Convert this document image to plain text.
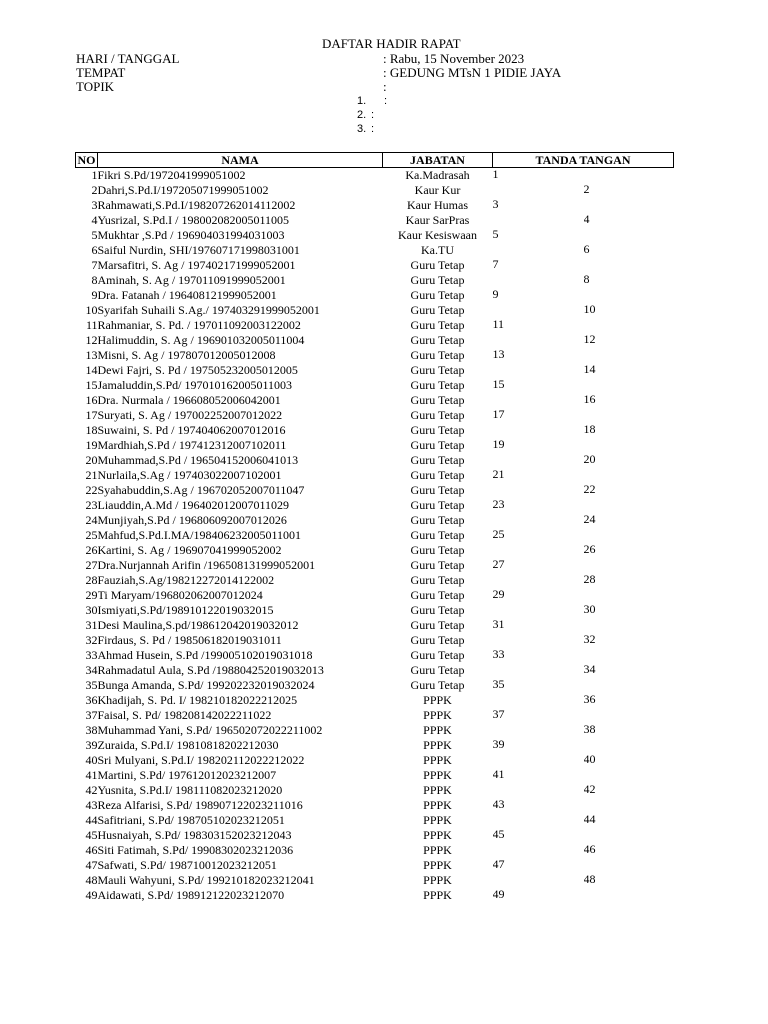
DAFTAR HADIR RAPAT
HARI / TANGGAL	: Rabu, 15 November 2023
TEMPAT	: GEDUNG MTsN 1 PIDIE JAYA
TOPIK	:
1. :
2. :
3. :
NO	NAMA	JABATAN	TANDA TANGAN	
1	Fikri S.Pd/1972041999051002	Ka.Madrasah	1	
2	Dahri,S.Pd.I/197205071999051002	Kaur Kur		2
3	Rahmawati,S.Pd.I/198207262014112002	Kaur Humas	3	
4	Yusrizal, S.Pd.I / 198002082005011005	Kaur SarPras		4
5	Mukhtar ,S.Pd / 196904031994031003	Kaur Kesiswaan	5	
6	Saiful Nurdin, SHI/197607171998031001	Ka.TU		6
7	Marsafitri, S. Ag / 197402171999052001	Guru Tetap	7	
8	Aminah, S. Ag / 197011091999052001	Guru Tetap		8
9	Dra. Fatanah / 196408121999052001	Guru Tetap	9	
10	Syarifah Suhaili S.Ag./ 197403291999052001	Guru Tetap		10
11	Rahmaniar, S. Pd. / 197011092003122002	Guru Tetap	11	
12	Halimuddin, S. Ag / 196901032005011004	Guru Tetap		12
13	Misni, S. Ag / 197807012005012008	Guru Tetap	13	
14	Dewi Fajri, S. Pd / 197505232005012005	Guru Tetap		14
15	Jamaluddin,S.Pd/ 197010162005011003	Guru Tetap	15	
16	Dra. Nurmala / 196608052006042001	Guru Tetap		16
17	Suryati, S. Ag / 197002252007012022	Guru Tetap	17	
18	Suwaini, S. Pd / 197404062007012016	Guru Tetap		18
19	Mardhiah,S.Pd / 197412312007102011	Guru Tetap	19	
20	Muhammad,S.Pd / 196504152006041013	Guru Tetap		20
21	Nurlaila,S.Ag / 197403022007102001	Guru Tetap	21	
22	Syahabuddin,S.Ag / 196702052007011047	Guru Tetap		22
23	Liauddin,A.Md / 196402012007011029	Guru Tetap	23	
24	Munjiyah,S.Pd / 196806092007012026	Guru Tetap		24
25	Mahfud,S.Pd.I.MA/198406232005011001	Guru Tetap	25	
26	Kartini, S. Ag / 196907041999052002	Guru Tetap		26
27	Dra.Nurjannah Arifin /196508131999052001	Guru Tetap	27	
28	Fauziah,S.Ag/198212272014122002	Guru Tetap		28
29	Ti Maryam/196802062007012024	Guru Tetap	29	
30	Ismiyati,S.Pd/198910122019032015	Guru Tetap		30
31	Desi Maulina,S.pd/198612042019032012	Guru Tetap	31	
32	Firdaus, S. Pd / 198506182019031011	Guru Tetap		32
33	Ahmad Husein, S.Pd /199005102019031018	Guru Tetap	33	
34	Rahmadatul Aula, S.Pd /198804252019032013	Guru Tetap		34
35	Bunga Amanda, S.Pd/ 199202232019032024	Guru Tetap	35	
36	Khadijah, S. Pd. I/ 198210182022212025	PPPK		36
37	Faisal, S. Pd/ 198208142022211022	PPPK	37	
38	Muhammad Yani, S.Pd/ 196502072022211002	PPPK		38
39	Zuraida, S.Pd.I/ 19810818202212030	PPPK	39	
40	Sri Mulyani, S.Pd.I/ 198202112022212022	PPPK		40
41	Martini, S.Pd/ 197612012023212007	PPPK	41	
42	Yusnita, S.Pd.I/ 198111082023212020	PPPK		42
43	Reza Alfarisi, S.Pd/ 198907122023211016	PPPK	43	
44	Safitriani, S.Pd/ 198705102023212051	PPPK		44
45	Husnaiyah, S.Pd/ 198303152023212043	PPPK	45	
46	Siti Fatimah, S.Pd/ 19908302023212036	PPPK		46
47	Safwati, S.Pd/ 198710012023212051	PPPK	47	
48	Mauli Wahyuni, S.Pd/ 199210182023212041	PPPK		48
49	Aidawati, S.Pd/ 198912122023212070	PPPK	49	
